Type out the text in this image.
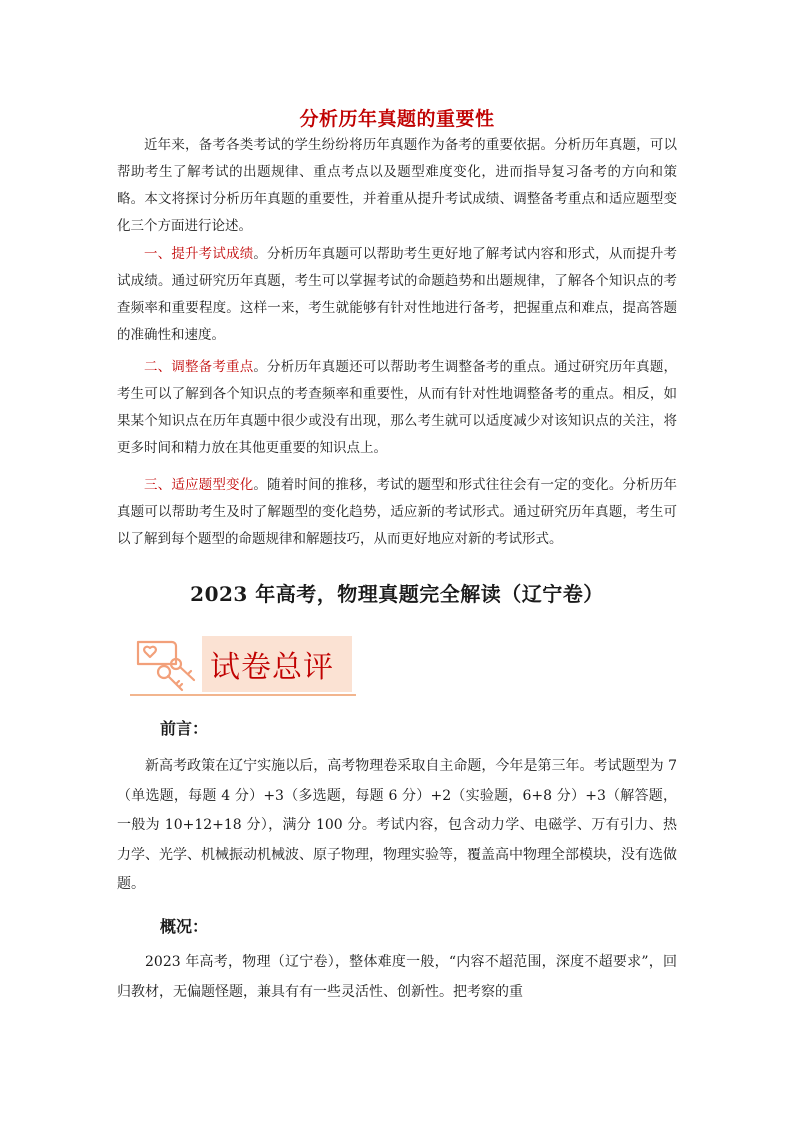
分析历年真题的重要性
近年来，备考各类考试的学生纷纷将历年真题作为备考的重要依据。分析历年真题，可以帮助考生了解考试的出题规律、重点考点以及题型难度变化，进而指导复习备考的方向和策略。本文将探讨分析历年真题的重要性，并着重从提升考试成绩、调整备考重点和适应题型变化三个方面进行论述。
一、提升考试成绩。分析历年真题可以帮助考生更好地了解考试内容和形式，从而提升考试成绩。通过研究历年真题，考生可以掌握考试的命题趋势和出题规律，了解各个知识点的考查频率和重要程度。这样一来，考生就能够有针对性地进行备考，把握重点和难点，提高答题的准确性和速度。
二、调整备考重点。分析历年真题还可以帮助考生调整备考的重点。通过研究历年真题，考生可以了解到各个知识点的考查频率和重要性，从而有针对性地调整备考的重点。相反，如果某个知识点在历年真题中很少或没有出现，那么考生就可以适度减少对该知识点的关注，将更多时间和精力放在其他更重要的知识点上。
三、适应题型变化。随着时间的推移，考试的题型和形式往往会有一定的变化。分析历年真题可以帮助考生及时了解题型的变化趋势，适应新的考试形式。通过研究历年真题，考生可以了解到每个题型的命题规律和解题技巧，从而更好地应对新的考试形式。
2023 年高考，物理真题完全解读（辽宁卷）
试卷总评
前言：
新高考政策在辽宁实施以后，高考物理卷采取自主命题，今年是第三年。考试题型为 7（单选题，每题 4 分）+3（多选题，每题 6 分）+2（实验题，6+8 分）+3（解答题，一般为 10+12+18 分），满分 100 分。考试内容，包含动力学、电磁学、万有引力、热力学、光学、机械振动机械波、原子物理，物理实验等，覆盖高中物理全部模块，没有选做题。
概况：
2023 年高考，物理（辽宁卷），整体难度一般，“内容不超范围，深度不超要求”，回归教材，无偏题怪题，兼具有有一些灵活性、创新性。把考察的重
